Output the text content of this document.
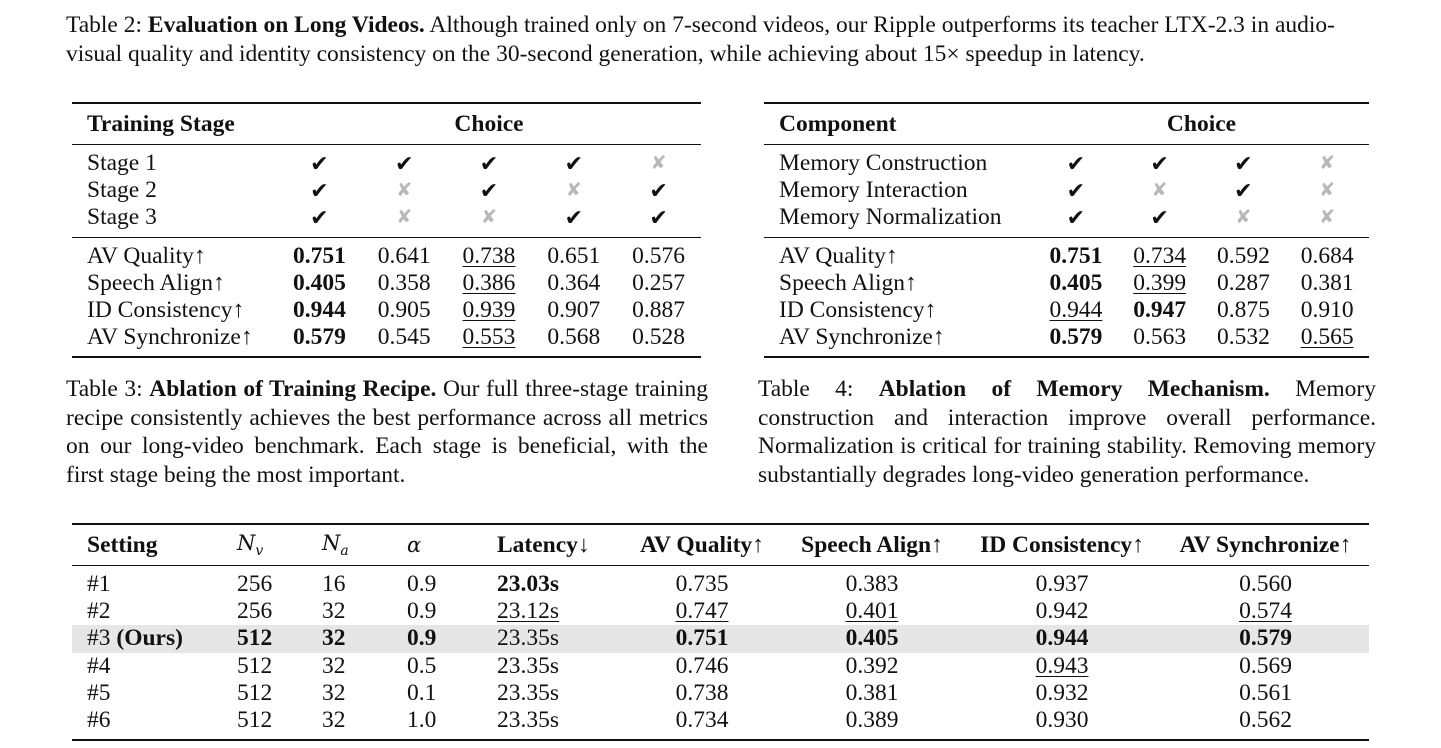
Table 2: Evaluation on Long Videos. Although trained only on 7-second videos, our Ripple outperforms its teacher LTX-2.3 in audio-visual quality and identity consistency on the 30-second generation, while achieving about 15× speedup in latency.

Training Stage	Choice				
Stage 1	✔	✔	✔	✔	✘
Stage 2	✔	✘	✔	✘	✔
Stage 3	✔	✘	✘	✔	✔
AV Quality↑	0.751	0.641	0.738	0.651	0.576
Speech Align↑	0.405	0.358	0.386	0.364	0.257
ID Consistency↑	0.944	0.905	0.939	0.907	0.887
AV Synchronize↑	0.579	0.545	0.553	0.568	0.528
Component	Choice			
Memory Construction	✔	✔	✔	✘
Memory Interaction	✔	✘	✔	✘
Memory Normalization	✔	✔	✘	✘
AV Quality↑	0.751	0.734	0.592	0.684
Speech Align↑	0.405	0.399	0.287	0.381
ID Consistency↑	0.944	0.947	0.875	0.910
AV Synchronize↑	0.579	0.563	0.532	0.565

Table 3: Ablation of Training Recipe. Our full three-stage training recipe consistently achieves the best performance across all metrics on our long-video benchmark. Each stage is beneficial, with the first stage being the most important.

Table 4: Ablation of Memory Mechanism. Memory construction and interaction improve overall performance. Normalization is critical for training stability. Removing memory substantially degrades long-video generation performance.

Setting	$N_v$	$N_a$	α	Latency↓	AV Quality↑	Speech Align↑	ID Consistency↑	AV Synchronize↑
#1	256	16	0.9	23.03s	0.735	0.383	0.937	0.560
#2	256	32	0.9	23.12s	0.747	0.401	0.942	0.574
#3 (Ours)	512	32	0.9	23.35s	0.751	0.405	0.944	0.579
#4	512	32	0.5	23.35s	0.746	0.392	0.943	0.569
#5	512	32	0.1	23.35s	0.738	0.381	0.932	0.561
#6	512	32	1.0	23.35s	0.734	0.389	0.930	0.562
